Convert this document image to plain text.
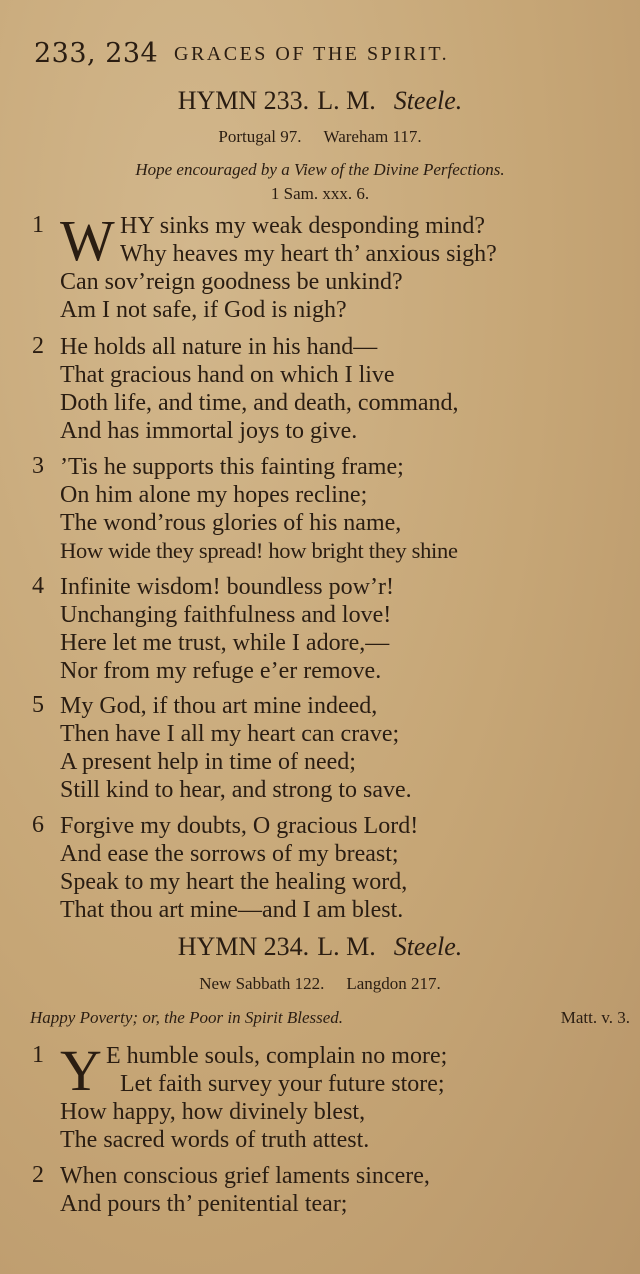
233, 234 GRACES OF THE SPIRIT.
HYMN 233. L. M. Steele.
Portugal 97. Wareham 117.
Hope encouraged by a View of the Divine Perfections.
1 Sam. xxx. 6.
1 W HY sinks my weak desponding mind?
Why heaves my heart th’ anxious sigh?
Can sov’reign goodness be unkind?
Am I not safe, if God is nigh?
2 He holds all nature in his hand—
That gracious hand on which I live
Doth life, and time, and death, command,
And has immortal joys to give.
3 ’Tis he supports this fainting frame;
On him alone my hopes recline;
The wond’rous glories of his name,
How wide they spread! how bright they shine
4 Infinite wisdom! boundless pow’r!
Unchanging faithfulness and love!
Here let me trust, while I adore,—
Nor from my refuge e’er remove.
5 My God, if thou art mine indeed,
Then have I all my heart can crave;
A present help in time of need;
Still kind to hear, and strong to save.
6 Forgive my doubts, O gracious Lord!
And ease the sorrows of my breast;
Speak to my heart the healing word,
That thou art mine—and I am blest.
HYMN 234. L. M. Steele.
New Sabbath 122. Langdon 217.
Happy Poverty; or, the Poor in Spirit Blessed.	Matt. v. 3.
1 Y E humble souls, complain no more;
Let faith survey your future store;
How happy, how divinely blest,
The sacred words of truth attest.
2 When conscious grief laments sincere,
And pours th’ penitential tear;
